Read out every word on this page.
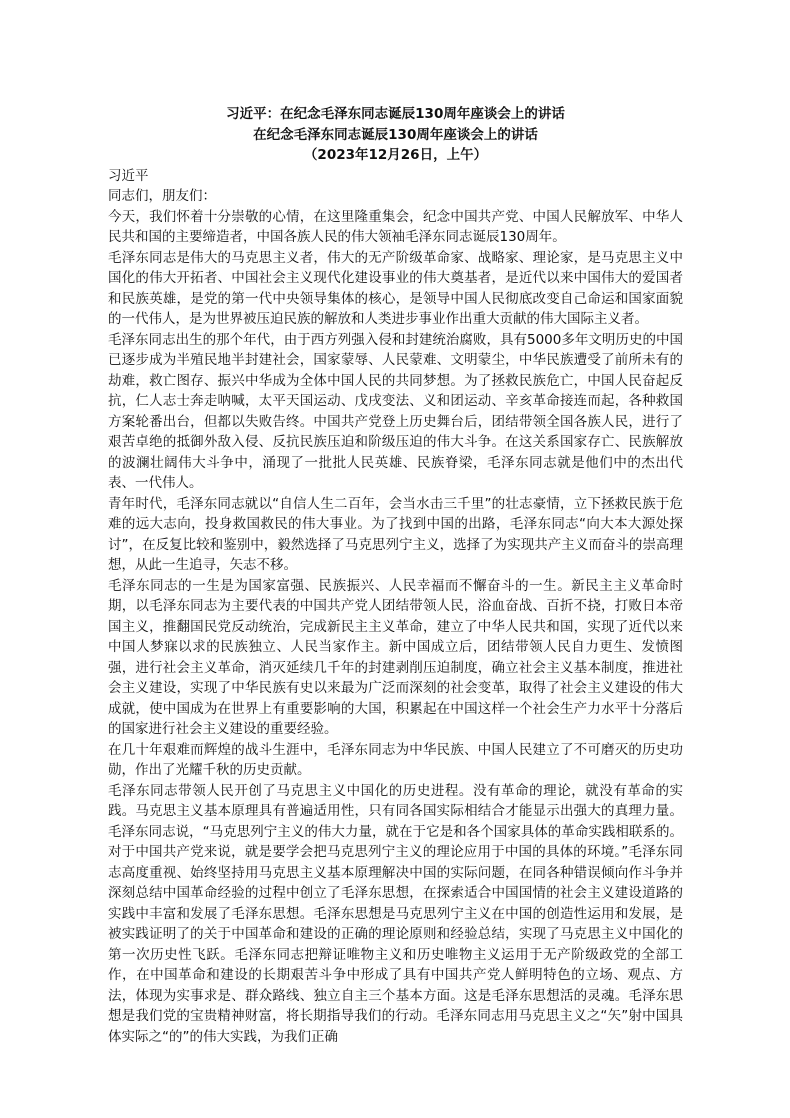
习近平：在纪念毛泽东同志诞辰130周年座谈会上的讲话

在纪念毛泽东同志诞辰130周年座谈会上的讲话

（2023年12月26日，上午）

习近平

同志们，朋友们：

今天，我们怀着十分崇敬的心情，在这里隆重集会，纪念中国共产党、中国人民解放军、中华人民共和国的主要缔造者，中国各族人民的伟大领袖毛泽东同志诞辰130周年。

毛泽东同志是伟大的马克思主义者，伟大的无产阶级革命家、战略家、理论家，是马克思主义中国化的伟大开拓者、中国社会主义现代化建设事业的伟大奠基者，是近代以来中国伟大的爱国者和民族英雄，是党的第一代中央领导集体的核心，是领导中国人民彻底改变自己命运和国家面貌的一代伟人，是为世界被压迫民族的解放和人类进步事业作出重大贡献的伟大国际主义者。

毛泽东同志出生的那个年代，由于西方列强入侵和封建统治腐败，具有5000多年文明历史的中国已逐步成为半殖民地半封建社会，国家蒙辱、人民蒙难、文明蒙尘，中华民族遭受了前所未有的劫难，救亡图存、振兴中华成为全体中国人民的共同梦想。为了拯救民族危亡，中国人民奋起反抗，仁人志士奔走呐喊，太平天国运动、戊戌变法、义和团运动、辛亥革命接连而起，各种救国方案轮番出台，但都以失败告终。中国共产党登上历史舞台后，团结带领全国各族人民，进行了艰苦卓绝的抵御外敌入侵、反抗民族压迫和阶级压迫的伟大斗争。在这关系国家存亡、民族解放的波澜壮阔伟大斗争中，涌现了一批批人民英雄、民族脊梁，毛泽东同志就是他们中的杰出代表、一代伟人。

青年时代，毛泽东同志就以“自信人生二百年，会当水击三千里”的壮志豪情，立下拯救民族于危难的远大志向，投身救国救民的伟大事业。为了找到中国的出路，毛泽东同志“向大本大源处探讨”，在反复比较和鉴别中，毅然选择了马克思列宁主义，选择了为实现共产主义而奋斗的崇高理想，从此一生追寻，矢志不移。

毛泽东同志的一生是为国家富强、民族振兴、人民幸福而不懈奋斗的一生。新民主主义革命时期，以毛泽东同志为主要代表的中国共产党人团结带领人民，浴血奋战、百折不挠，打败日本帝国主义，推翻国民党反动统治，完成新民主主义革命，建立了中华人民共和国，实现了近代以来中国人梦寐以求的民族独立、人民当家作主。新中国成立后，团结带领人民自力更生、发愤图强，进行社会主义革命，消灭延续几千年的封建剥削压迫制度，确立社会主义基本制度，推进社会主义建设，实现了中华民族有史以来最为广泛而深刻的社会变革，取得了社会主义建设的伟大成就，使中国成为在世界上有重要影响的大国，积累起在中国这样一个社会生产力水平十分落后的国家进行社会主义建设的重要经验。

在几十年艰难而辉煌的战斗生涯中，毛泽东同志为中华民族、中国人民建立了不可磨灭的历史功勋，作出了光耀千秋的历史贡献。

毛泽东同志带领人民开创了马克思主义中国化的历史进程。没有革命的理论，就没有革命的实践。马克思主义基本原理具有普遍适用性，只有同各国实际相结合才能显示出强大的真理力量。毛泽东同志说，“马克思列宁主义的伟大力量，就在于它是和各个国家具体的革命实践相联系的。对于中国共产党来说，就是要学会把马克思列宁主义的理论应用于中国的具体的环境。”毛泽东同志高度重视、始终坚持用马克思主义基本原理解决中国的实际问题，在同各种错误倾向作斗争并深刻总结中国革命经验的过程中创立了毛泽东思想，在探索适合中国国情的社会主义建设道路的实践中丰富和发展了毛泽东思想。毛泽东思想是马克思列宁主义在中国的创造性运用和发展，是被实践证明了的关于中国革命和建设的正确的理论原则和经验总结，实现了马克思主义中国化的第一次历史性飞跃。毛泽东同志把辩证唯物主义和历史唯物主义运用于无产阶级政党的全部工作，在中国革命和建设的长期艰苦斗争中形成了具有中国共产党人鲜明特色的立场、观点、方法，体现为实事求是、群众路线、独立自主三个基本方面。这是毛泽东思想活的灵魂。毛泽东思想是我们党的宝贵精神财富，将长期指导我们的行动。毛泽东同志用马克思主义之“矢”射中国具体实际之“的”的伟大实践，为我们正确
